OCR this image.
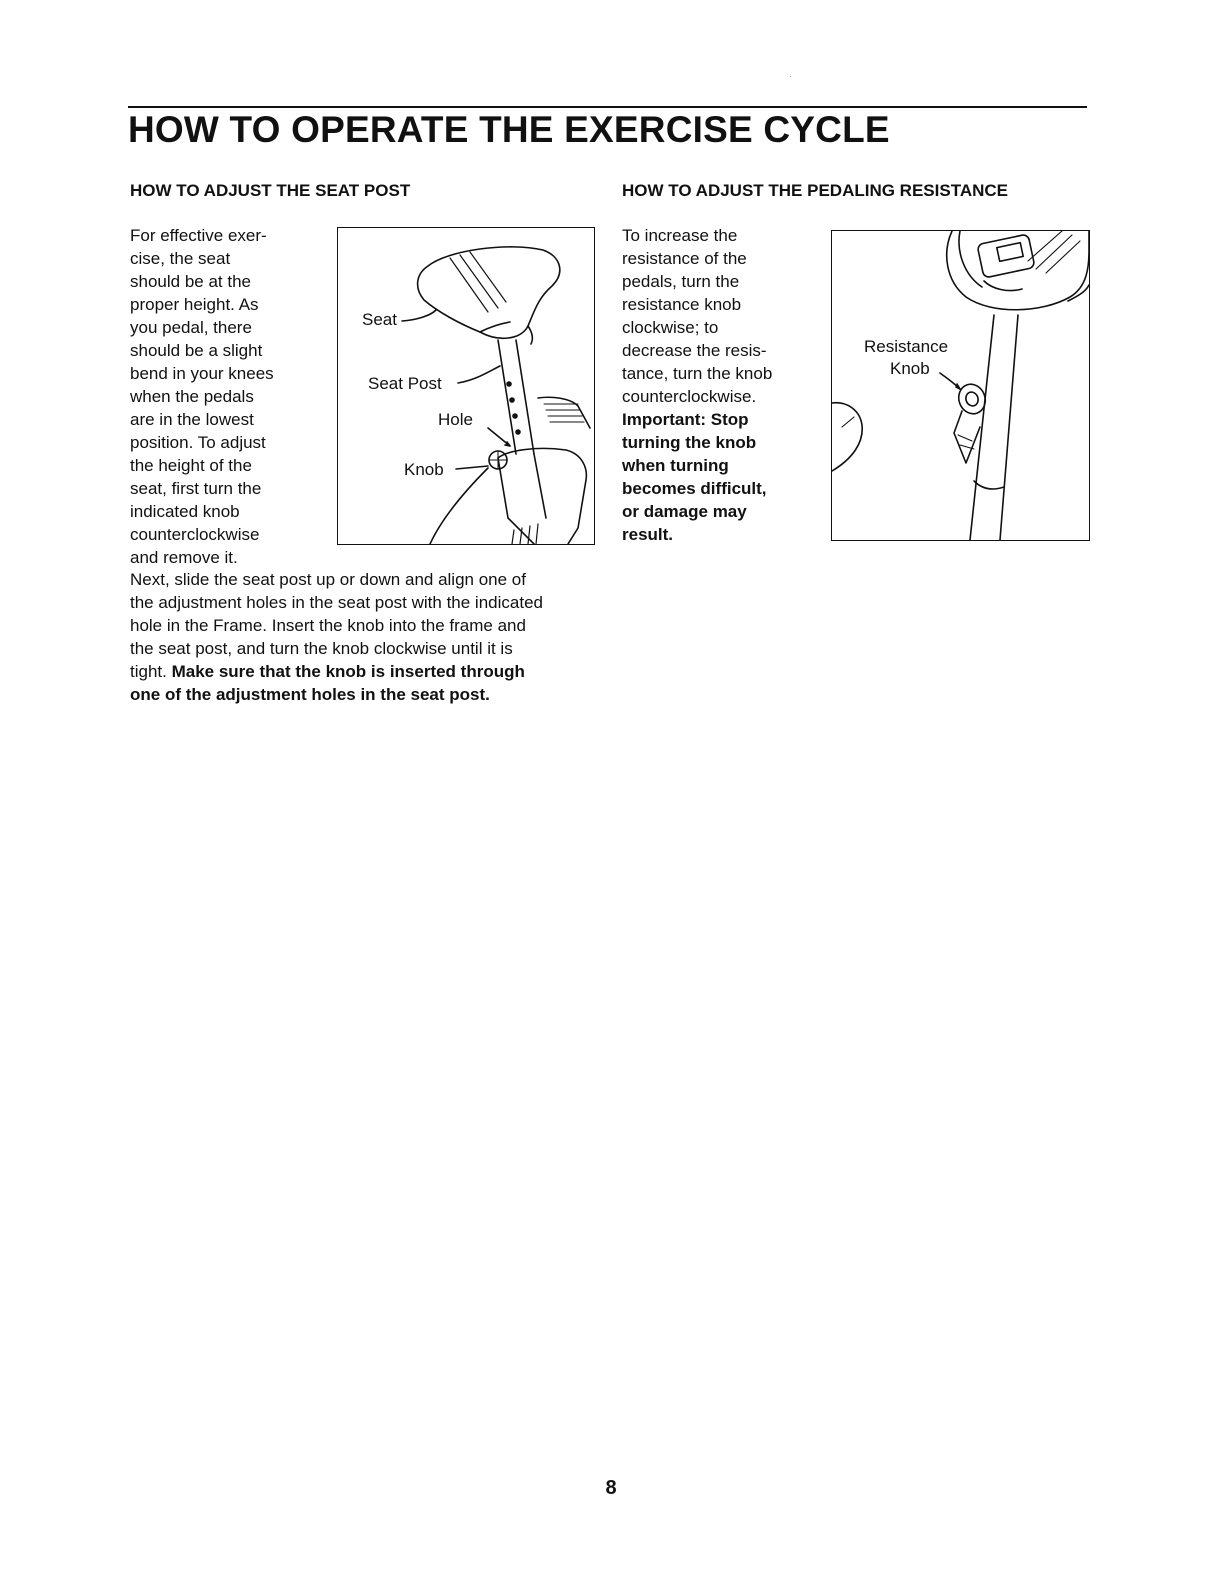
HOW TO OPERATE THE EXERCISE CYCLE
HOW TO ADJUST THE SEAT POST
For effective exer-
cise, the seat
should be at the
proper height. As
you pedal, there
should be a slight
bend in your knees
when the pedals
are in the lowest
position. To adjust
the height of the
seat, first turn the
indicated knob
counterclockwise
and remove it.
Next, slide the seat post up or down and align one of
the adjustment holes in the seat post with the indicated
hole in the Frame. Insert the knob into the frame and
the seat post, and turn the knob clockwise until it is
tight. Make sure that the knob is inserted through
one of the adjustment holes in the seat post.
Seat
Seat Post
Hole
Knob
HOW TO ADJUST THE PEDALING RESISTANCE
To increase the
resistance of the
pedals, turn the
resistance knob
clockwise; to
decrease the resis-
tance, turn the knob
counterclockwise.
Important: Stop
turning the knob
when turning
becomes difficult,
or damage may
result.
Resistance
Knob
8
